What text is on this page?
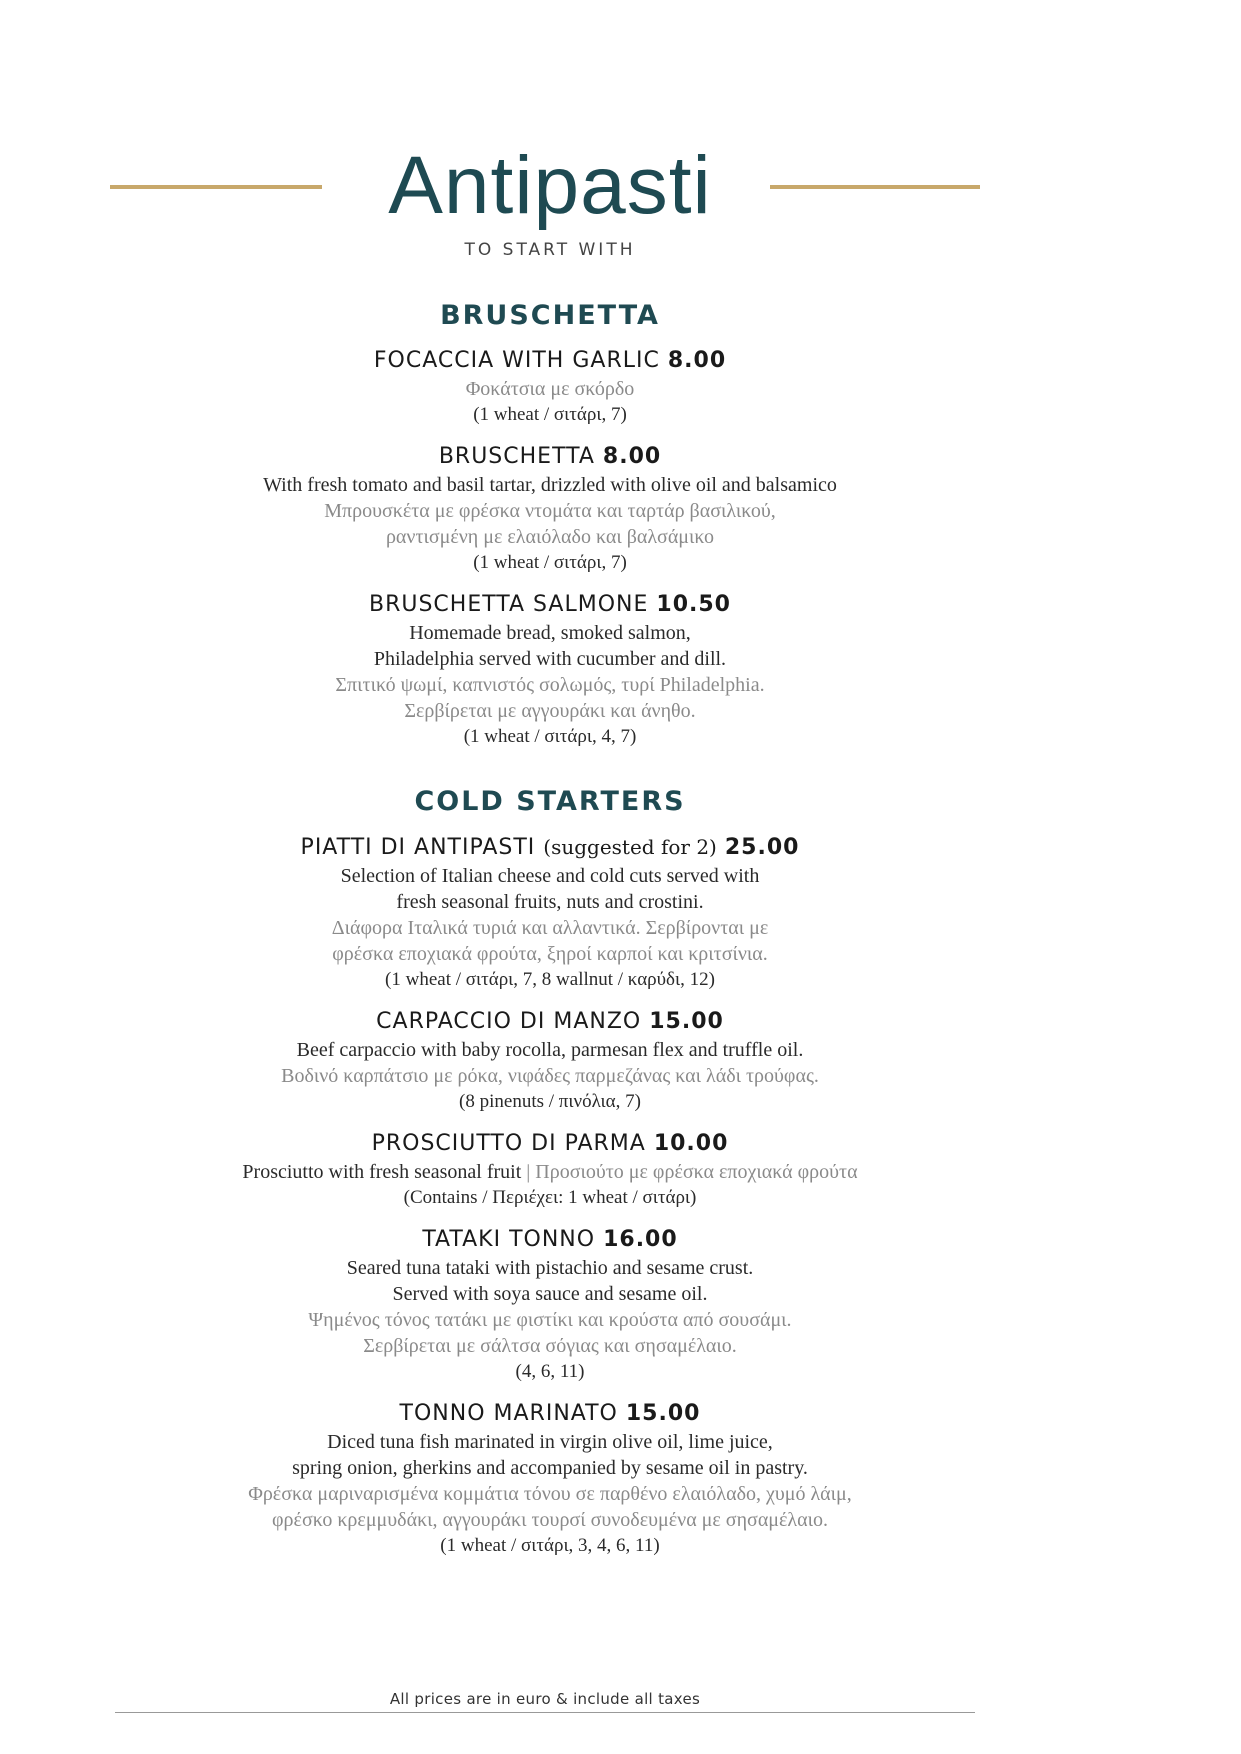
Antipasti
TO START WITH
BRUSCHETTA
FOCACCIA WITH GARLIC 8.00
Φοκάτσια με σκόρδο
(1 wheat / σιτάρι, 7)
BRUSCHETTA 8.00
With fresh tomato and basil tartar, drizzled with olive oil and balsamico
Μπρουσκέτα με φρέσκα ντομάτα και ταρτάρ βασιλικού,
ραντισμένη με ελαιόλαδο και βαλσάμικο
(1 wheat / σιτάρι, 7)
BRUSCHETTA SALMONE 10.50
Homemade bread, smoked salmon,
Philadelphia served with cucumber and dill.
Σπιτικό ψωμί, καπνιστός σολωμός, τυρί Philadelphia.
Σερβίρεται με αγγουράκι και άνηθο.
(1 wheat / σιτάρι, 4, 7)
COLD STARTERS
PIATTI DI ANTIPASTI (suggested for 2) 25.00
Selection of Italian cheese and cold cuts served with
fresh seasonal fruits, nuts and crostini.
Διάφορα Ιταλικά τυριά και αλλαντικά. Σερβίρονται με
φρέσκα εποχιακά φρούτα, ξηροί καρποί και κριτσίνια.
(1 wheat / σιτάρι, 7, 8 wallnut / καρύδι, 12)
CARPACCIO DI MANZO 15.00
Beef carpaccio with baby rocolla, parmesan flex and truffle oil.
Βοδινό καρπάτσιο με ρόκα, νιφάδες παρμεζάνας και λάδι τρούφας.
(8 pinenuts / πινόλια, 7)
PROSCIUTTO DI PARMA 10.00
Prosciutto with fresh seasonal fruit | Προσιούτο με φρέσκα εποχιακά φρούτα
(Contains / Περιέχει: 1 wheat / σιτάρι)
TATAKI TONNO 16.00
Seared tuna tataki with pistachio and sesame crust.
Served with soya sauce and sesame oil.
Ψημένος τόνος τατάκι με φιστίκι και κρούστα από σουσάμι.
Σερβίρεται με σάλτσα σόγιας και σησαμέλαιο.
(4, 6, 11)
TONNO MARINATO 15.00
Diced tuna fish marinated in virgin olive oil, lime juice,
spring onion, gherkins and accompanied by sesame oil in pastry.
Φρέσκα μαριναρισμένα κομμάτια τόνου σε παρθένο ελαιόλαδο, χυμό λάιμ,
φρέσκο κρεμμυδάκι, αγγουράκι τουρσί συνοδευμένα με σησαμέλαιο.
(1 wheat / σιτάρι, 3, 4, 6, 11)
All prices are in euro & include all taxes
